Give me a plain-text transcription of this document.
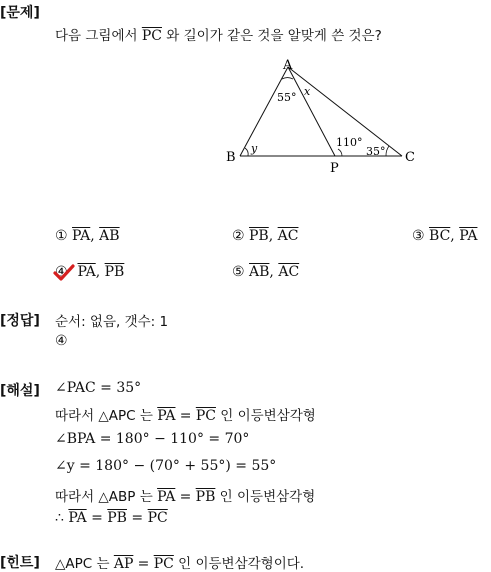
[문제]
다음 그림에서 $\overline{PC}$ 와 길이가 같은 것을 알맞게 쓴 것은?
A
B
P
C
55° x
y	110°
35°
① $\overline{PA}$, $\overline{AB}$	② $\overline{PB}$, $\overline{AC}$	③ $\overline{BC}$, $\overline{PA}$
④ $\overline{PA}$, $\overline{PB}$	⑤ $\overline{AB}$, $\overline{AC}$
[정답] 순서: 없음, 갯수: 1
④
[해설] ∠PAC = 35°
따라서 △APC 는 $\overline{PA} = \overline{PC}$ 인 이등변삼각형
∠BPA = 180° − 110° = 70°
∠y = 180° − (70° + 55°) = 55°
따라서 △ABP 는 $\overline{PA} = \overline{PB}$ 인 이등변삼각형
∴ $\overline{PA} = \overline{PB} = \overline{PC}$
[힌트] △APC 는 $\overline{AP} = \overline{PC}$ 인 이등변삼각형이다.
